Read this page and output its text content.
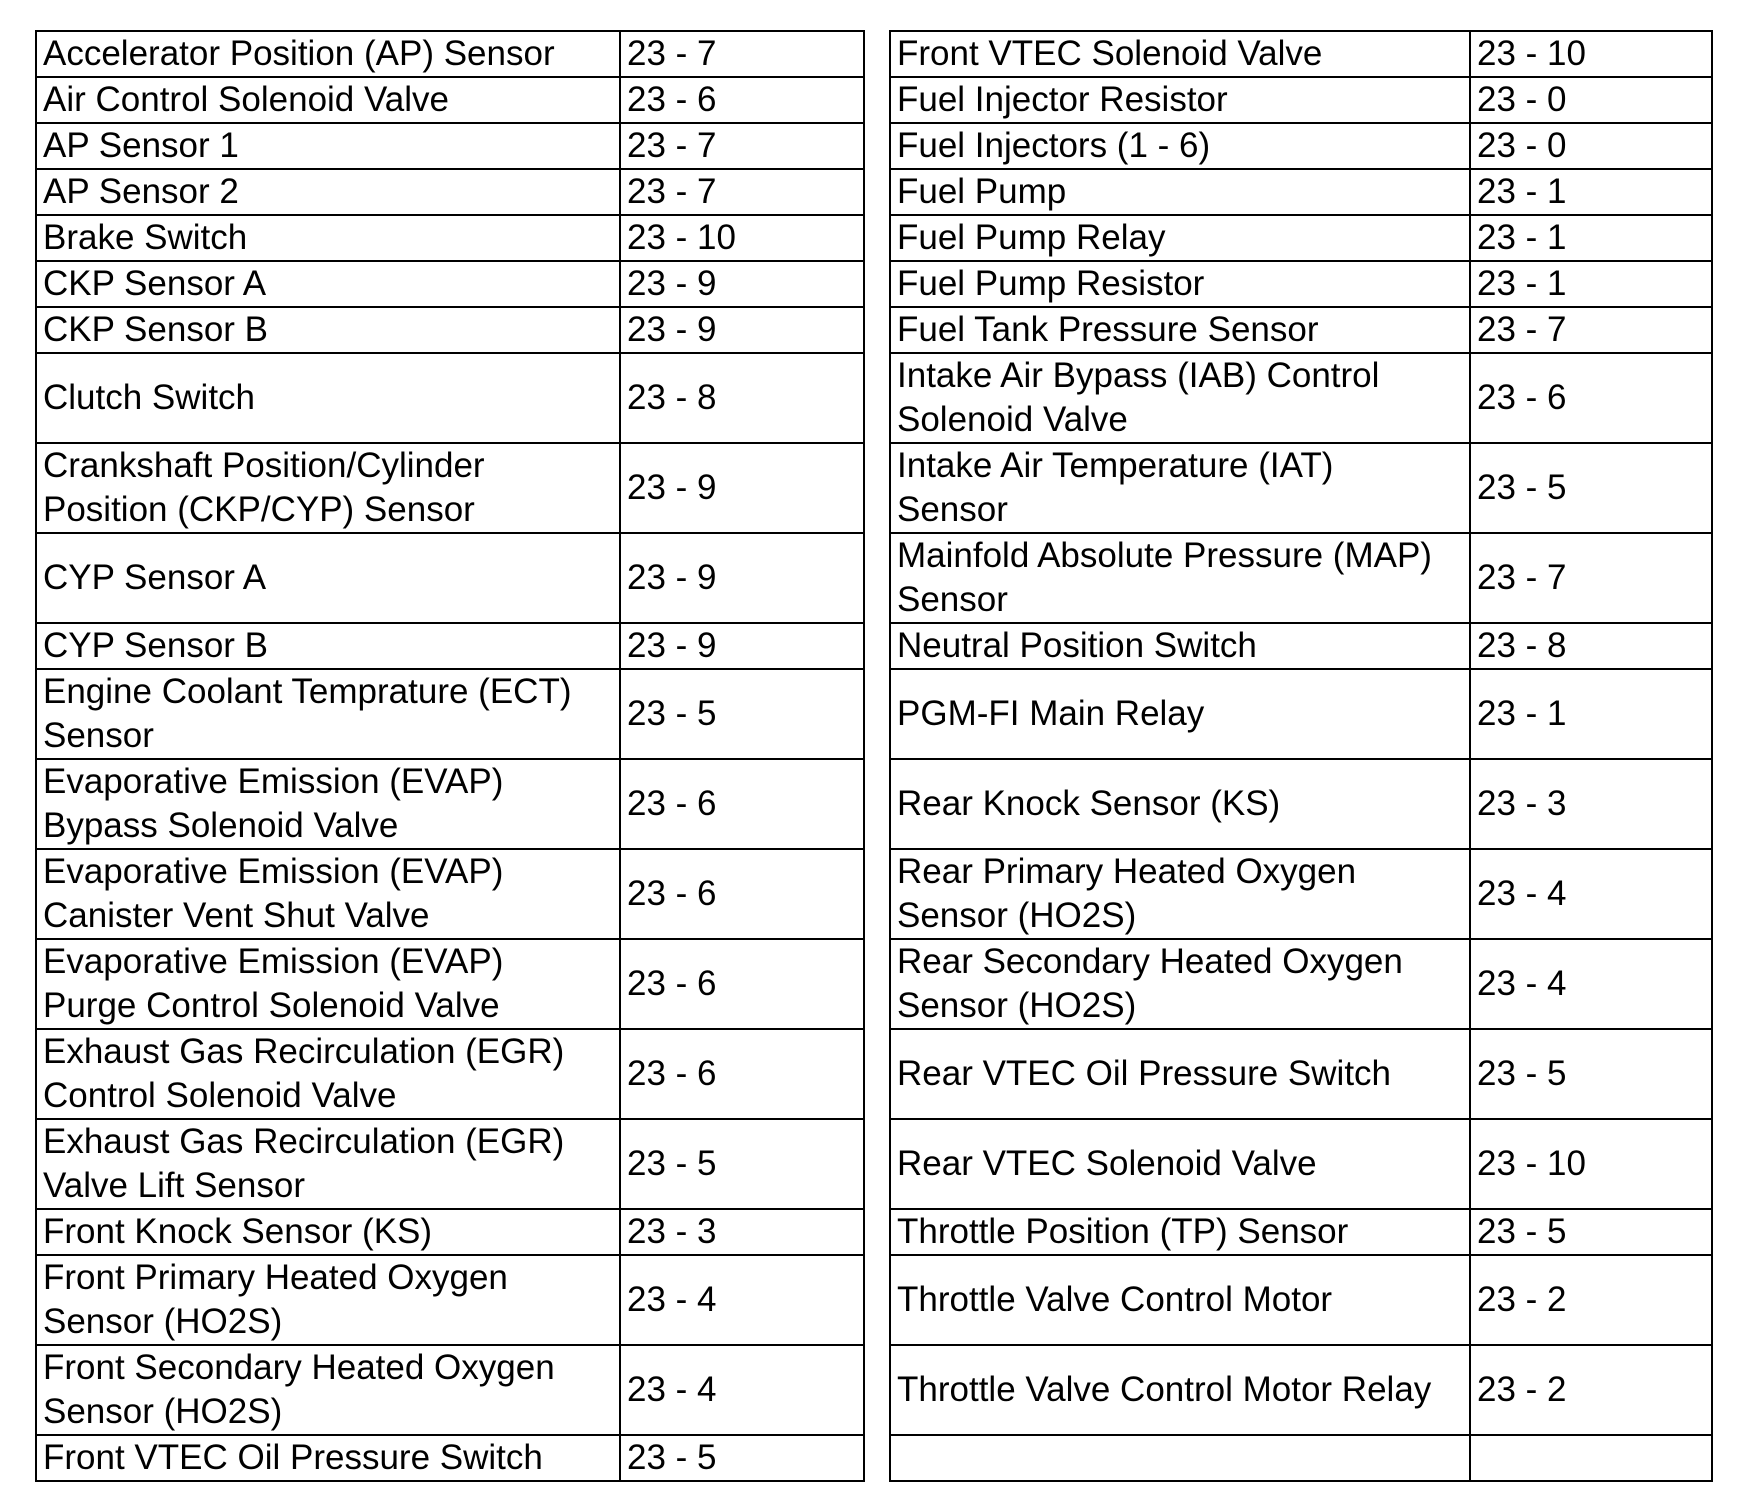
Accelerator Position (AP) Sensor	23 - 7		Front VTEC Solenoid Valve	23 - 10
Air Control Solenoid Valve	23 - 6		Fuel Injector Resistor	23 - 0
AP Sensor 1	23 - 7		Fuel Injectors (1 - 6)	23 - 0
AP Sensor 2	23 - 7		Fuel Pump	23 - 1
Brake Switch	23 - 10		Fuel Pump Relay	23 - 1
CKP Sensor A	23 - 9		Fuel Pump Resistor	23 - 1
CKP Sensor B	23 - 9		Fuel Tank Pressure Sensor	23 - 7
Clutch Switch	23 - 8		Intake Air Bypass (IAB) Control
Solenoid Valve	23 - 6
Crankshaft Position/Cylinder
Position (CKP/CYP) Sensor	23 - 9		Intake Air Temperature (IAT)
Sensor	23 - 5
CYP Sensor A	23 - 9		Mainfold Absolute Pressure (MAP)
Sensor	23 - 7
CYP Sensor B	23 - 9		Neutral Position Switch	23 - 8
Engine Coolant Temprature (ECT)
Sensor	23 - 5		PGM-FI Main Relay	23 - 1
Evaporative Emission (EVAP)
Bypass Solenoid Valve	23 - 6		Rear Knock Sensor (KS)	23 - 3
Evaporative Emission (EVAP)
Canister Vent Shut Valve	23 - 6		Rear Primary Heated Oxygen
Sensor (HO2S)	23 - 4
Evaporative Emission (EVAP)
Purge Control Solenoid Valve	23 - 6		Rear Secondary Heated Oxygen
Sensor (HO2S)	23 - 4
Exhaust Gas Recirculation (EGR)
Control Solenoid Valve	23 - 6		Rear VTEC Oil Pressure Switch	23 - 5
Exhaust Gas Recirculation (EGR)
Valve Lift Sensor	23 - 5		Rear VTEC Solenoid Valve	23 - 10
Front Knock Sensor (KS)	23 - 3		Throttle Position (TP) Sensor	23 - 5
Front Primary Heated Oxygen
Sensor (HO2S)	23 - 4		Throttle Valve Control Motor	23 - 2
Front Secondary Heated Oxygen
Sensor (HO2S)	23 - 4		Throttle Valve Control Motor Relay	23 - 2
Front VTEC Oil Pressure Switch	23 - 5			
